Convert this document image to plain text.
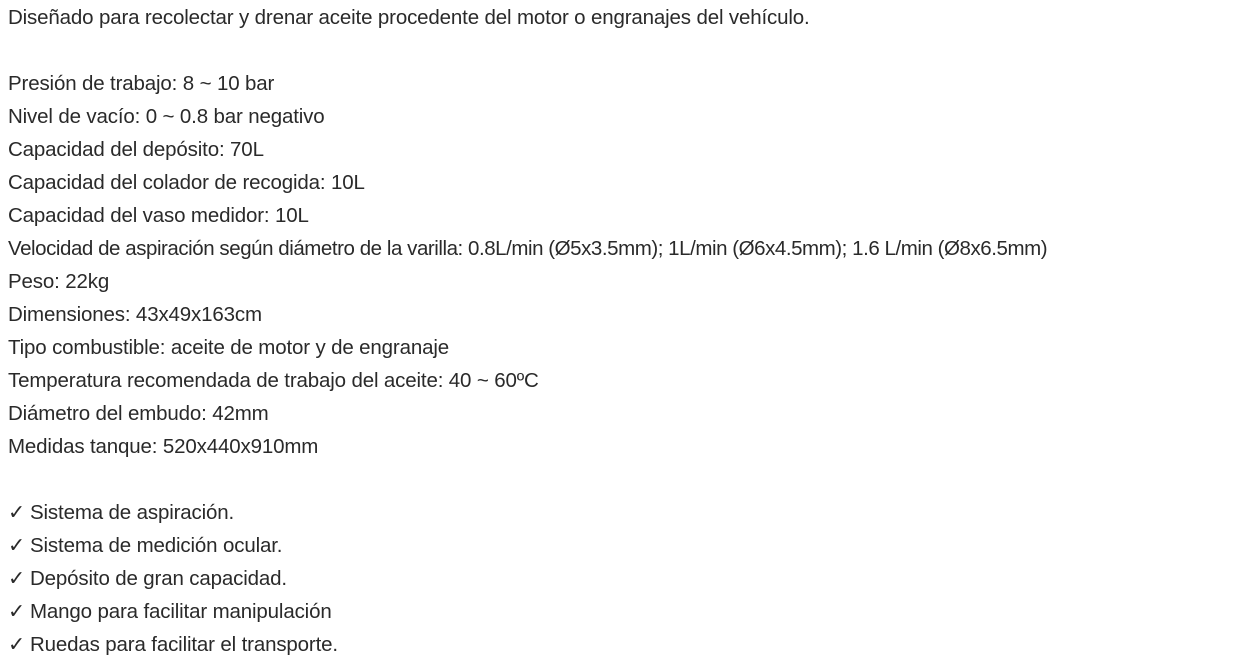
Diseñado para recolectar y drenar aceite procedente del motor o engranajes del vehículo.
Presión de trabajo: 8 ~ 10 bar
Nivel de vacío: 0 ~ 0.8 bar negativo
Capacidad del depósito: 70L
Capacidad del colador de recogida: 10L
Capacidad del vaso medidor: 10L
Velocidad de aspiración según diámetro de la varilla: 0.8L/min (Ø5x3.5mm); 1L/min (Ø6x4.5mm); 1.6 L/min (Ø8x6.5mm)
Peso: 22kg
Dimensiones: 43x49x163cm
Tipo combustible: aceite de motor y de engranaje
Temperatura recomendada de trabajo del aceite: 40 ~ 60ºC
Diámetro del embudo: 42mm
Medidas tanque: 520x440x910mm
✓ Sistema de aspiración.
✓ Sistema de medición ocular.
✓ Depósito de gran capacidad.
✓ Mango para facilitar manipulación
✓ Ruedas para facilitar el transporte.
